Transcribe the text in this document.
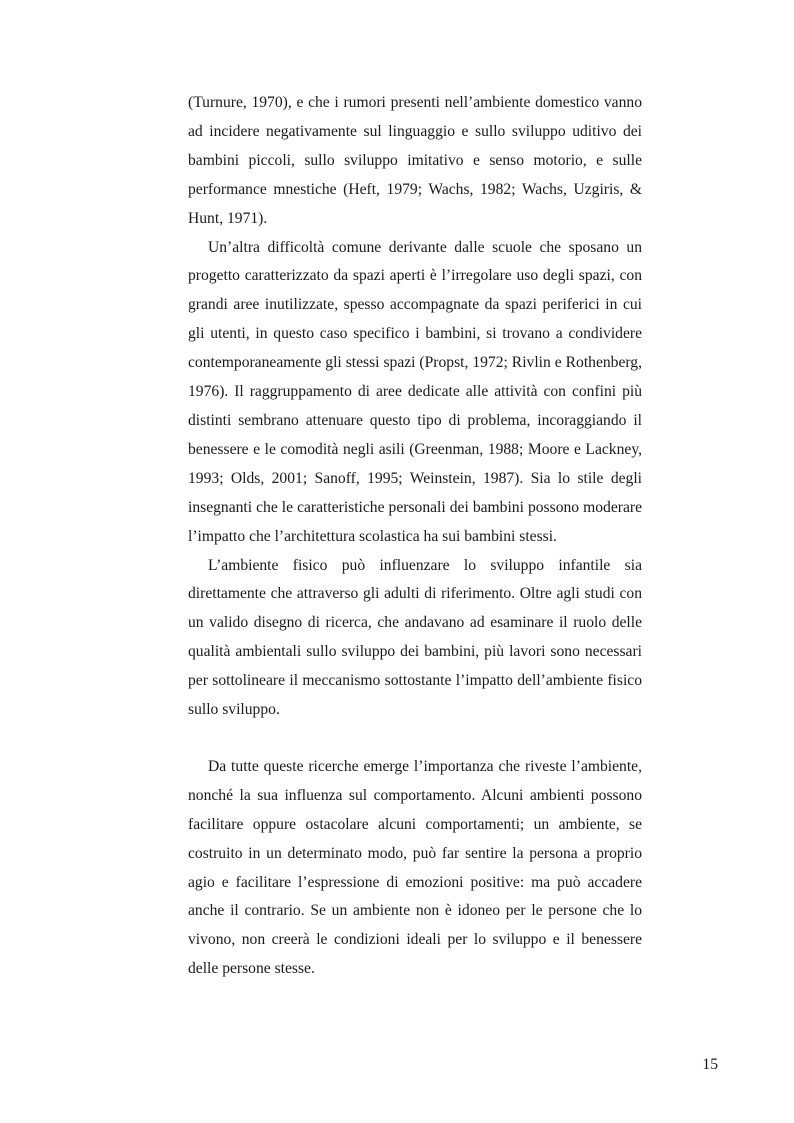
(Turnure, 1970), e che i rumori presenti nell’ambiente domestico vanno ad incidere negativamente sul linguaggio e sullo sviluppo uditivo dei bambini piccoli, sullo sviluppo imitativo e senso motorio, e sulle performance mnestiche (Heft, 1979; Wachs, 1982; Wachs, Uzgiris, & Hunt, 1971).

Un’altra difficoltà comune derivante dalle scuole che sposano un progetto caratterizzato da spazi aperti è l’irregolare uso degli spazi, con grandi aree inutilizzate, spesso accompagnate da spazi periferici in cui gli utenti, in questo caso specifico i bambini, si trovano a condividere contemporaneamente gli stessi spazi (Propst, 1972; Rivlin e Rothenberg, 1976). Il raggruppamento di aree dedicate alle attività con confini più distinti sembrano attenuare questo tipo di problema, incoraggiando il benessere e le comodità negli asili (Greenman, 1988; Moore e Lackney, 1993; Olds, 2001; Sanoff, 1995; Weinstein, 1987). Sia lo stile degli insegnanti che le caratteristiche personali dei bambini possono moderare l’impatto che l’architettura scolastica ha sui bambini stessi.

L’ambiente fisico può influenzare lo sviluppo infantile sia direttamente che attraverso gli adulti di riferimento. Oltre agli studi con un valido disegno di ricerca, che andavano ad esaminare il ruolo delle qualità ambientali sullo sviluppo dei bambini, più lavori sono necessari per sottolineare il meccanismo sottostante l’impatto dell’ambiente fisico sullo sviluppo.

Da tutte queste ricerche emerge l’importanza che riveste l’ambiente, nonché la sua influenza sul comportamento. Alcuni ambienti possono facilitare oppure ostacolare alcuni comportamenti; un ambiente, se costruito in un determinato modo, può far sentire la persona a proprio agio e facilitare l’espressione di emozioni positive: ma può accadere anche il contrario. Se un ambiente non è idoneo per le persone che lo vivono, non creerà le condizioni ideali per lo sviluppo e il benessere delle persone stesse.

15
